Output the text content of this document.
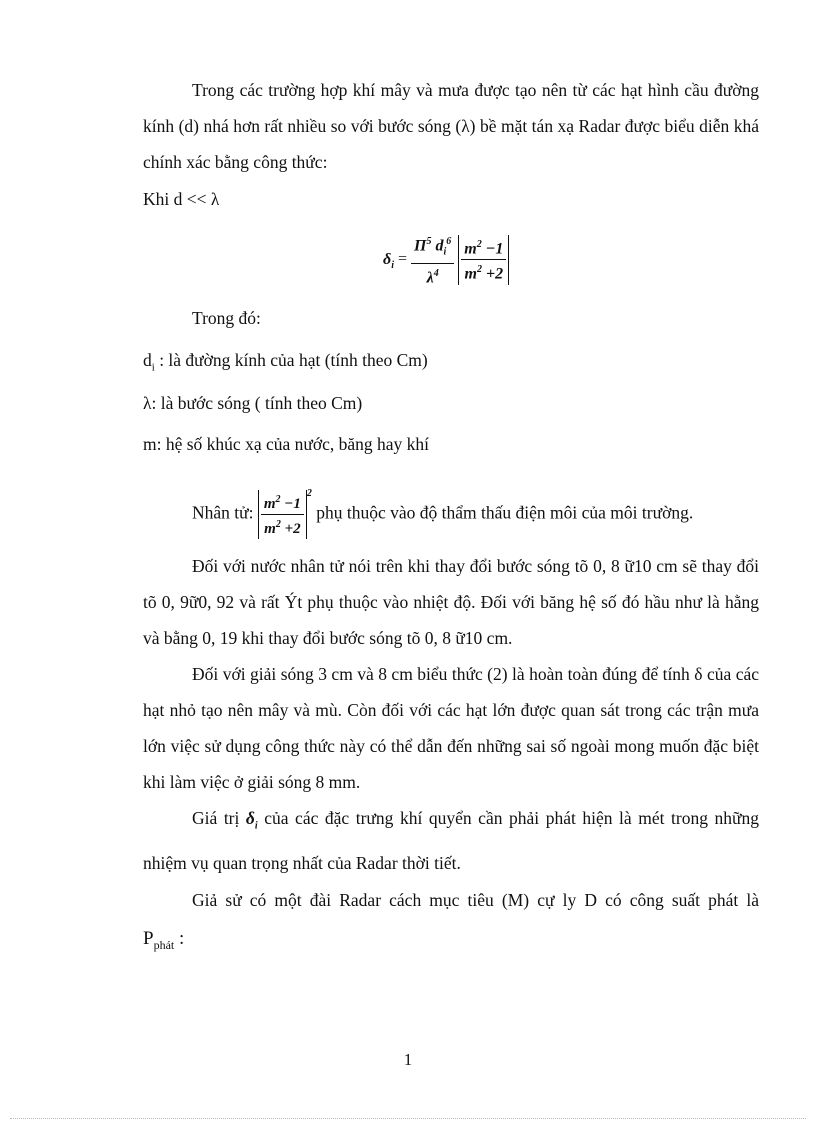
Trong các trường hợp khí mây và mưa được tạo nên từ các hạt hình cầu đường kính (d) nhá hơn rất nhiều so với bước sóng (λ) bề mặt tán xạ Radar được biểu diễn khá chính xác bằng công thức:

Khi d << λ
$\delta_i = \frac{\Pi^5 d_i^6}{\lambda^4}$
$\frac{m^2 -1}{m^2 +2}$
Trong đó:
$d_i$ : là đường kính của hạt (tính theo Cm)
λ: là bước sóng ( tính theo Cm)
m: hệ số khúc xạ của nước, băng hay khí
Nhân tử: $\frac{m^2 -1}{m^2 +2} ^2$ phụ thuộc vào độ thẩm thấu điện môi của môi trường.

Đối với nước nhân tử nói trên khi thay đổi bước sóng tõ 0, 8 ữ10 cm sẽ thay đổi tõ 0, 9ữ0, 92 và rất Ýt phụ thuộc vào nhiệt độ. Đối với băng hệ số đó hầu như là hằng và bằng 0, 19 khi thay đổi bước sóng tõ 0, 8 ữ10 cm.

Đối với giải sóng 3 cm và 8 cm biểu thức (2) là hoàn toàn đúng để tính δ của các hạt nhỏ tạo nên mây và mù. Còn đối với các hạt lớn được quan sát trong các trận mưa lớn việc sử dụng công thức này có thể dẫn đến những sai số ngoài mong muốn đặc biệt khi làm việc ở giải sóng 8 mm.

Giá trị $\delta_i$ của các đặc trưng khí quyển cần phải phát hiện là mét trong những nhiệm vụ quan trọng nhất của Radar thời tiết.

Giả sử có một đài Radar cách mục tiêu (M) cự ly D có công suất phát là

$P_{phát}$ :
1
